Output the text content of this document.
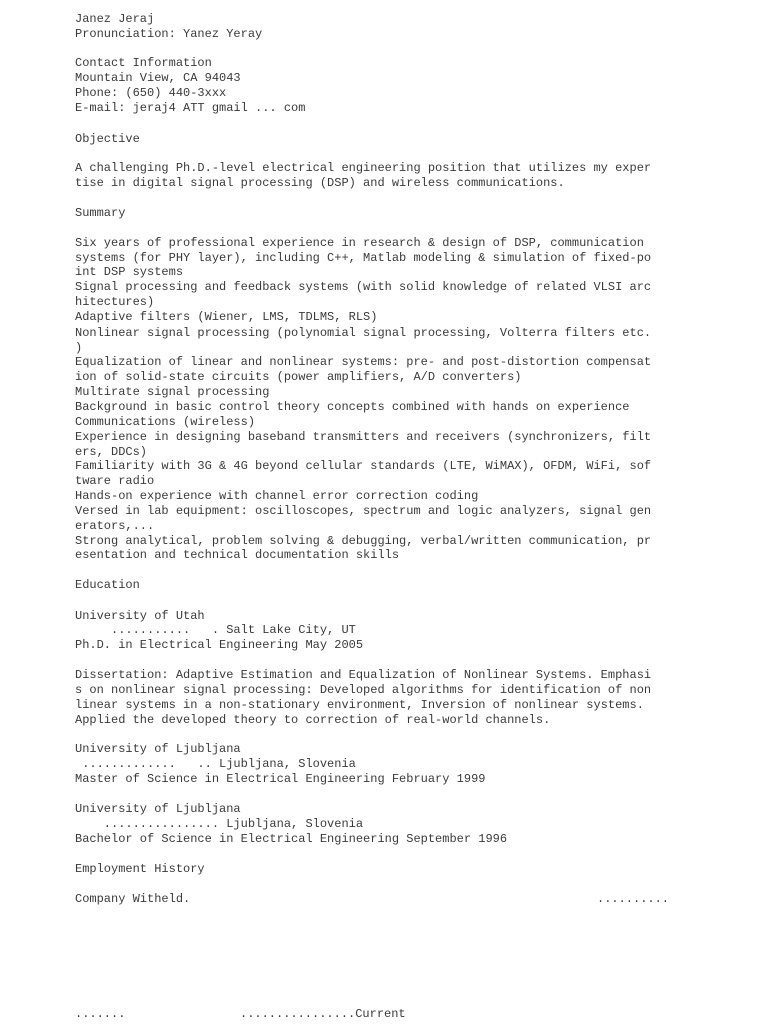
Janez Jeraj
Pronunciation: Yanez Yeray
Contact Information
Mountain View, CA 94043
Phone: (650) 440-3xxx
E-mail: jeraj4 ATT gmail ... com
Objective
A challenging Ph.D.-level electrical engineering position that utilizes my exper
tise in digital signal processing (DSP) and wireless communications.
Summary
Six years of professional experience in research & design of DSP, communication
systems (for PHY layer), including C++, Matlab modeling & simulation of fixed-po
int DSP systems
Signal processing and feedback systems (with solid knowledge of related VLSI arc
hitectures)
Adaptive filters (Wiener, LMS, TDLMS, RLS)
Nonlinear signal processing (polynomial signal processing, Volterra filters etc.
)
Equalization of linear and nonlinear systems: pre- and post-distortion compensat
ion of solid-state circuits (power amplifiers, A/D converters)
Multirate signal processing
Background in basic control theory concepts combined with hands on experience
Communications (wireless)
Experience in designing baseband transmitters and receivers (synchronizers, filt
ers, DDCs)
Familiarity with 3G & 4G beyond cellular standards (LTE, WiMAX), OFDM, WiFi, sof
tware radio
Hands-on experience with channel error correction coding
Versed in lab equipment: oscilloscopes, spectrum and logic analyzers, signal gen
erators,...
Strong analytical, problem solving & debugging, verbal/written communication, pr
esentation and technical documentation skills
Education
University of Utah
...........   . Salt Lake City, UT
Ph.D. in Electrical Engineering May 2005
Dissertation: Adaptive Estimation and Equalization of Nonlinear Systems. Emphasi
s on nonlinear signal processing: Developed algorithms for identification of non
linear systems in a non-stationary environment, Inversion of nonlinear systems.
Applied the developed theory to correction of real-world channels.
University of Ljubljana
.............   .. Ljubljana, Slovenia
Master of Science in Electrical Engineering February 1999
University of Ljubljana
................ Ljubljana, Slovenia
Bachelor of Science in Electrical Engineering September 1996
Employment History
Company Witheld.	..........
.......	................Current
